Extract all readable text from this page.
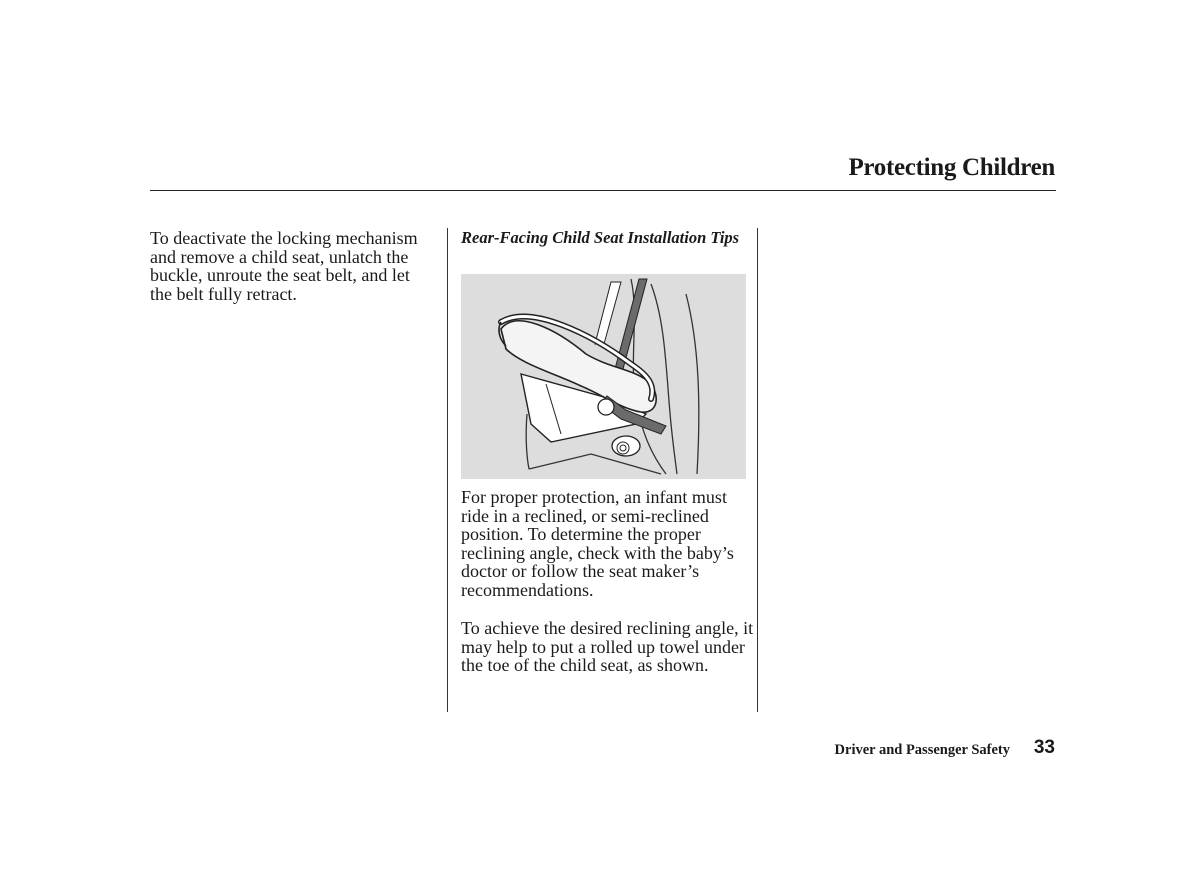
Protecting Children
To deactivate the locking mechanism and remove a child seat, unlatch the buckle, unroute the seat belt, and let the belt fully retract.
Rear-Facing Child Seat Installation Tips
For proper protection, an infant must ride in a reclined, or semi-reclined position. To determine the proper reclining angle, check with the baby’s doctor or follow the seat maker’s recommendations.
To achieve the desired reclining angle, it may help to put a rolled up towel under the toe of the child seat, as shown.
Driver and Passenger Safety 33
